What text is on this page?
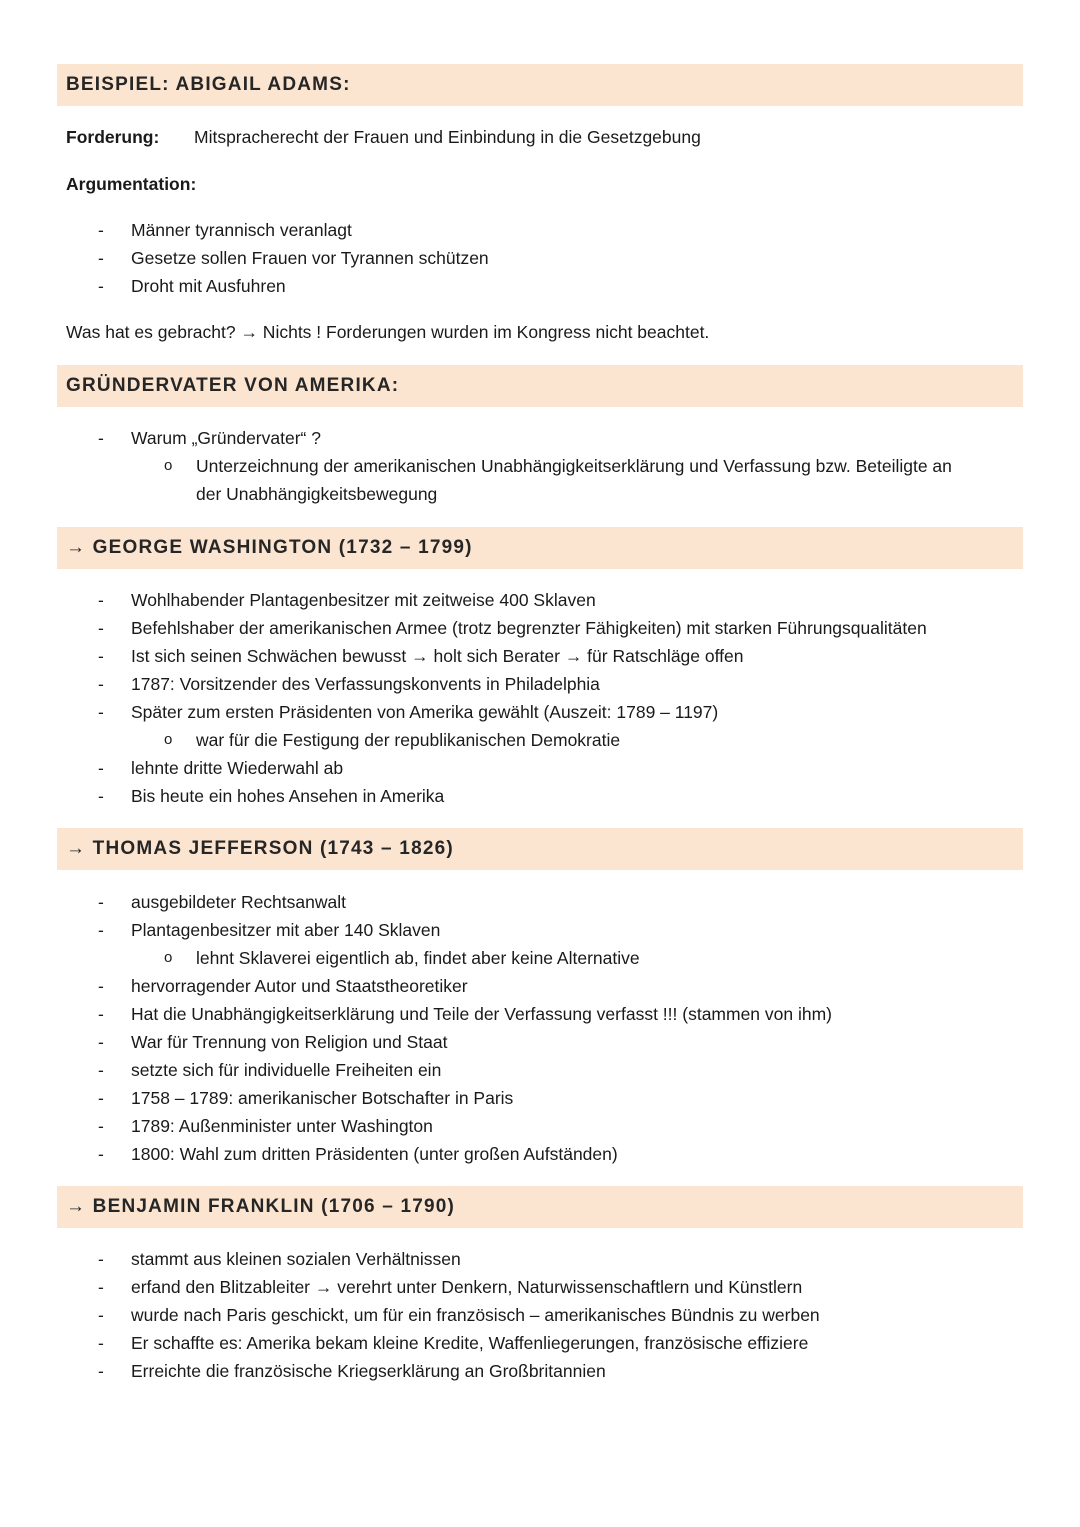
BEISPIEL: ABIGAIL ADAMS:
Forderung: Mitspracherecht der Frauen und Einbindung in die Gesetzgebung
Argumentation:
- Männer tyrannisch veranlagt
- Gesetze sollen Frauen vor Tyrannen schützen
- Droht mit Ausfuhren
Was hat es gebracht? → Nichts ! Forderungen wurden im Kongress nicht beachtet.
GRÜNDERVATER VON AMERIKA:
- Warum „Gründervater“ ?
o Unterzeichnung der amerikanischen Unabhängigkeitserklärung und Verfassung bzw. Beteiligte an
der Unabhängigkeitsbewegung
→ GEORGE WASHINGTON (1732 – 1799)
- Wohlhabender Plantagenbesitzer mit zeitweise 400 Sklaven
- Befehlshaber der amerikanischen Armee (trotz begrenzter Fähigkeiten) mit starken Führungsqualitäten
- Ist sich seinen Schwächen bewusst → holt sich Berater → für Ratschläge offen
- 1787: Vorsitzender des Verfassungskonvents in Philadelphia
- Später zum ersten Präsidenten von Amerika gewählt (Auszeit: 1789 – 1197)
o war für die Festigung der republikanischen Demokratie
- lehnte dritte Wiederwahl ab
- Bis heute ein hohes Ansehen in Amerika
→ THOMAS JEFFERSON (1743 – 1826)
- ausgebildeter Rechtsanwalt
- Plantagenbesitzer mit aber 140 Sklaven
o lehnt Sklaverei eigentlich ab, findet aber keine Alternative
- hervorragender Autor und Staatstheoretiker
- Hat die Unabhängigkeitserklärung und Teile der Verfassung verfasst !!! (stammen von ihm)
- War für Trennung von Religion und Staat
- setzte sich für individuelle Freiheiten ein
- 1758 – 1789: amerikanischer Botschafter in Paris
- 1789: Außenminister unter Washington
- 1800: Wahl zum dritten Präsidenten (unter großen Aufständen)
→ BENJAMIN FRANKLIN (1706 – 1790)
- stammt aus kleinen sozialen Verhältnissen
- erfand den Blitzableiter → verehrt unter Denkern, Naturwissenschaftlern und Künstlern
- wurde nach Paris geschickt, um für ein französisch – amerikanisches Bündnis zu werben
- Er schaffte es: Amerika bekam kleine Kredite, Waffenliegerungen, französische effiziere
- Erreichte die französische Kriegserklärung an Großbritannien
